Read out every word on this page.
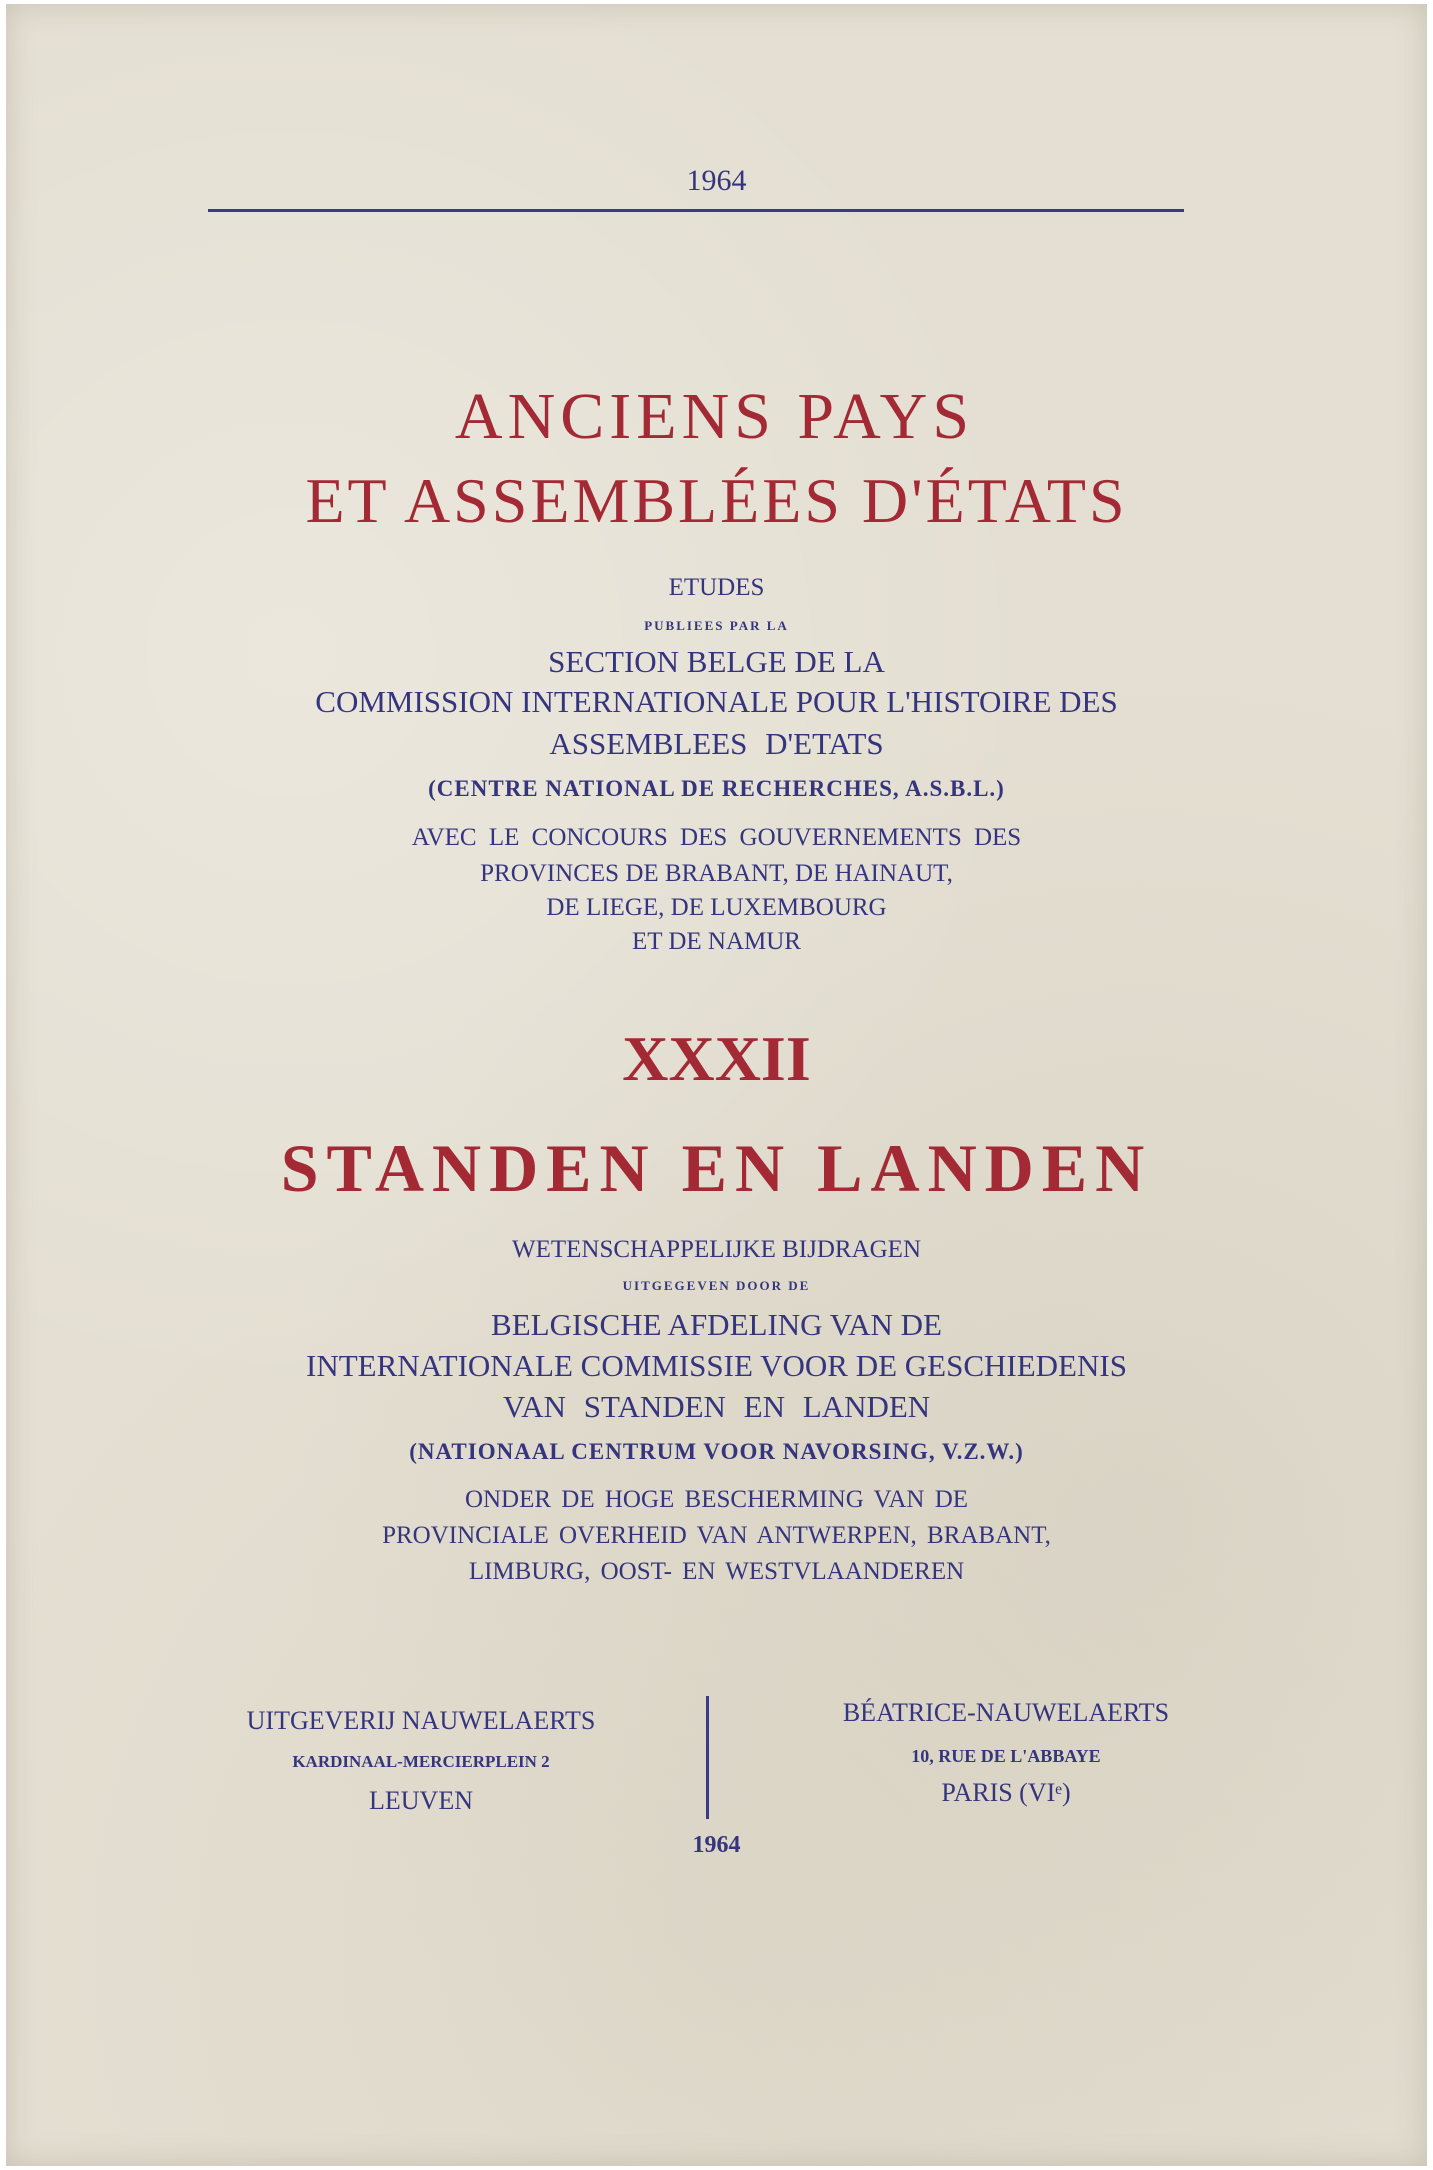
1964
ANCIENS PAYS
ET ASSEMBLÉES D'ÉTATS
ETUDES
PUBLIEES PAR LA
SECTION BELGE DE LA
COMMISSION INTERNATIONALE POUR L'HISTOIRE DES
ASSEMBLEES D'ETATS
(CENTRE NATIONAL DE RECHERCHES, A.S.B.L.)
AVEC LE CONCOURS DES GOUVERNEMENTS DES
PROVINCES DE BRABANT, DE HAINAUT,
DE LIEGE, DE LUXEMBOURG
ET DE NAMUR
XXXII
STANDEN EN LANDEN
WETENSCHAPPELIJKE BIJDRAGEN
UITGEGEVEN DOOR DE
BELGISCHE AFDELING VAN DE
INTERNATIONALE COMMISSIE VOOR DE GESCHIEDENIS
VAN STANDEN EN LANDEN
(NATIONAAL CENTRUM VOOR NAVORSING, V.Z.W.)
ONDER DE HOGE BESCHERMING VAN DE
PROVINCIALE OVERHEID VAN ANTWERPEN, BRABANT,
LIMBURG, OOST- EN WESTVLAANDEREN
UITGEVERIJ NAUWELAERTS
KARDINAAL-MERCIERPLEIN 2
LEUVEN
BÉATRICE-NAUWELAERTS
10, RUE DE L'ABBAYE
PARIS (VIᵉ)
1964
